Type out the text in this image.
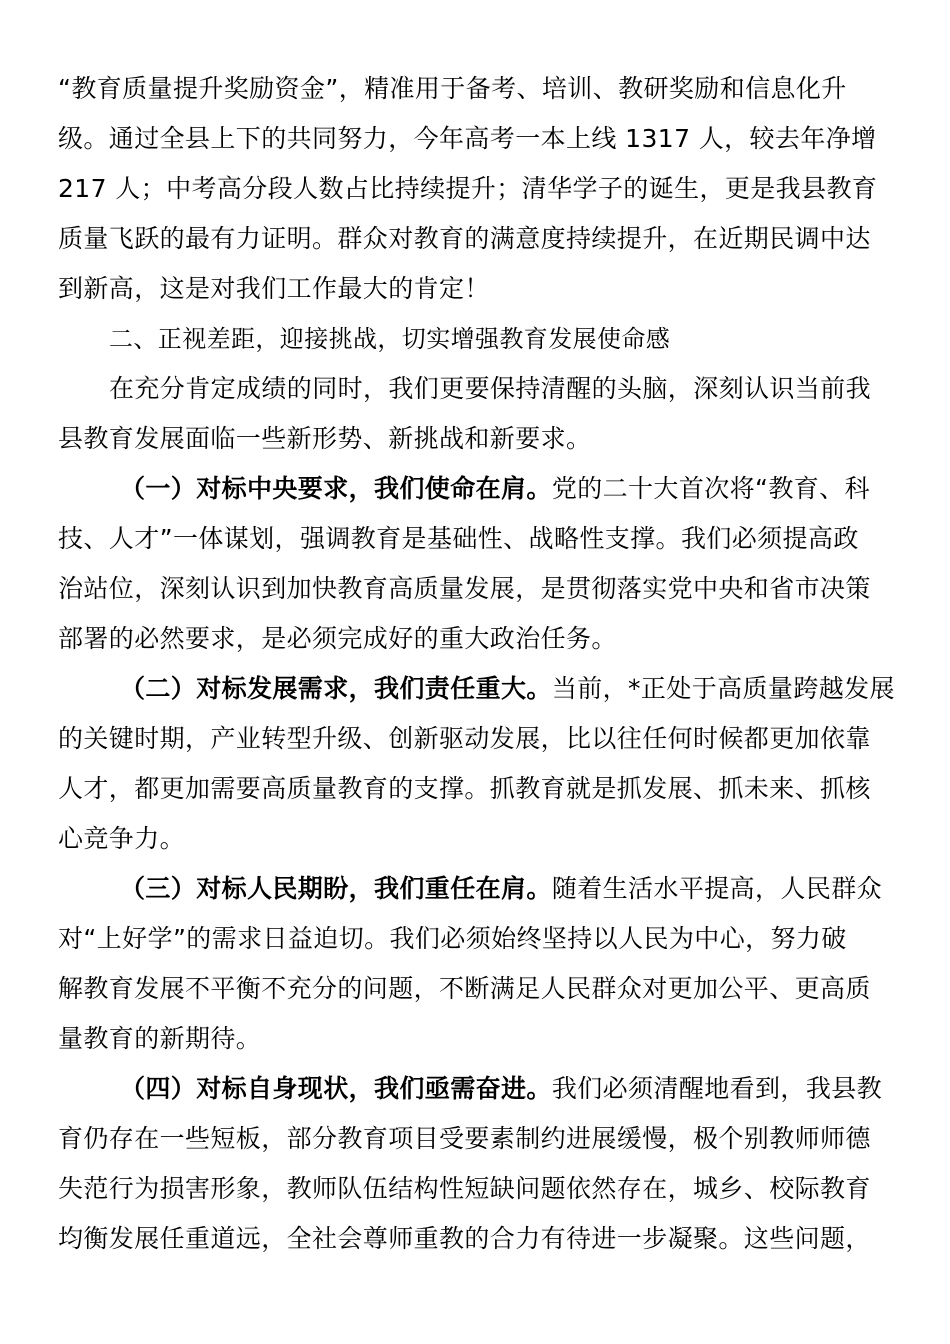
“教育质量提升奖励资金”，精准用于备考、培训、教研奖励和信息化升
级。通过全县上下的共同努力，今年高考一本上线 1317 人，较去年净增
217 人；中考高分段人数占比持续提升；清华学子的诞生，更是我县教育
质量飞跃的最有力证明。群众对教育的满意度持续提升，在近期民调中达
到新高，这是对我们工作最大的肯定！
二、正视差距，迎接挑战，切实增强教育发展使命感
在充分肯定成绩的同时，我们更要保持清醒的头脑，深刻认识当前我
县教育发展面临一些新形势、新挑战和新要求。
（一）对标中央要求，我们使命在肩。党的二十大首次将“教育、科
技、人才”一体谋划，强调教育是基础性、战略性支撑。我们必须提高政
治站位，深刻认识到加快教育高质量发展，是贯彻落实党中央和省市决策
部署的必然要求，是必须完成好的重大政治任务。
（二）对标发展需求，我们责任重大。当前，*正处于高质量跨越发展
的关键时期，产业转型升级、创新驱动发展，比以往任何时候都更加依靠
人才，都更加需要高质量教育的支撑。抓教育就是抓发展、抓未来、抓核
心竞争力。
（三）对标人民期盼，我们重任在肩。随着生活水平提高，人民群众
对“上好学”的需求日益迫切。我们必须始终坚持以人民为中心，努力破
解教育发展不平衡不充分的问题，不断满足人民群众对更加公平、更高质
量教育的新期待。
（四）对标自身现状，我们亟需奋进。我们必须清醒地看到，我县教
育仍存在一些短板，部分教育项目受要素制约进展缓慢，极个别教师师德
失范行为损害形象，教师队伍结构性短缺问题依然存在，城乡、校际教育
均衡发展任重道远，全社会尊师重教的合力有待进一步凝聚。这些问题，
